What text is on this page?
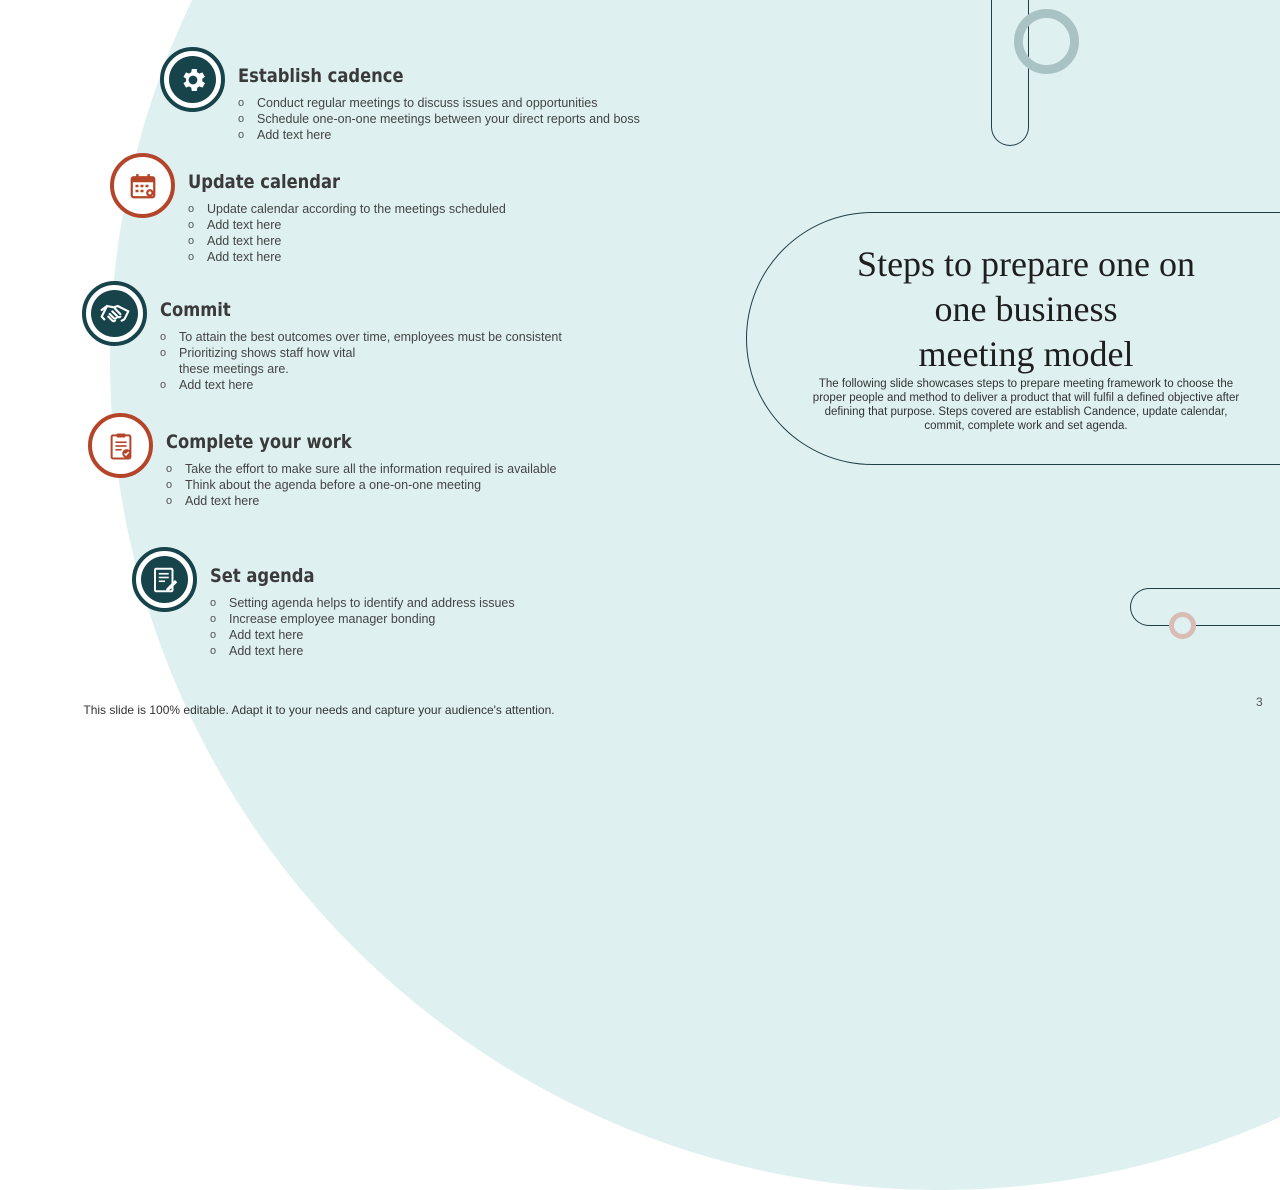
Steps to prepare one on
one business
meeting model

The following slide showcases steps to prepare meeting framework to choose the proper people and method to deliver a product that will fulfil a defined objective after defining that purpose. Steps covered are establish Candence, update calendar, commit, complete work and set agenda.

Establish cadence
o Conduct regular meetings to discuss issues and opportunities
o Schedule one-on-one meetings between your direct reports and boss
o Add text here
Update calendar
o Update calendar according to the meetings scheduled
o Add text here
o Add text here
o Add text here
Commit
o To attain the best outcomes over time, employees must be consistent
o Prioritizing shows staff how vital
these meetings are.
o Add text here
Complete your work
o Take the effort to make sure all the information required is available
o Think about the agenda before a one-on-one meeting
o Add text here
Set agenda
o Setting agenda helps to identify and address issues
o Increase employee manager bonding
o Add text here
o Add text here
This slide is 100% editable. Adapt it to your needs and capture your audience's attention.
3
